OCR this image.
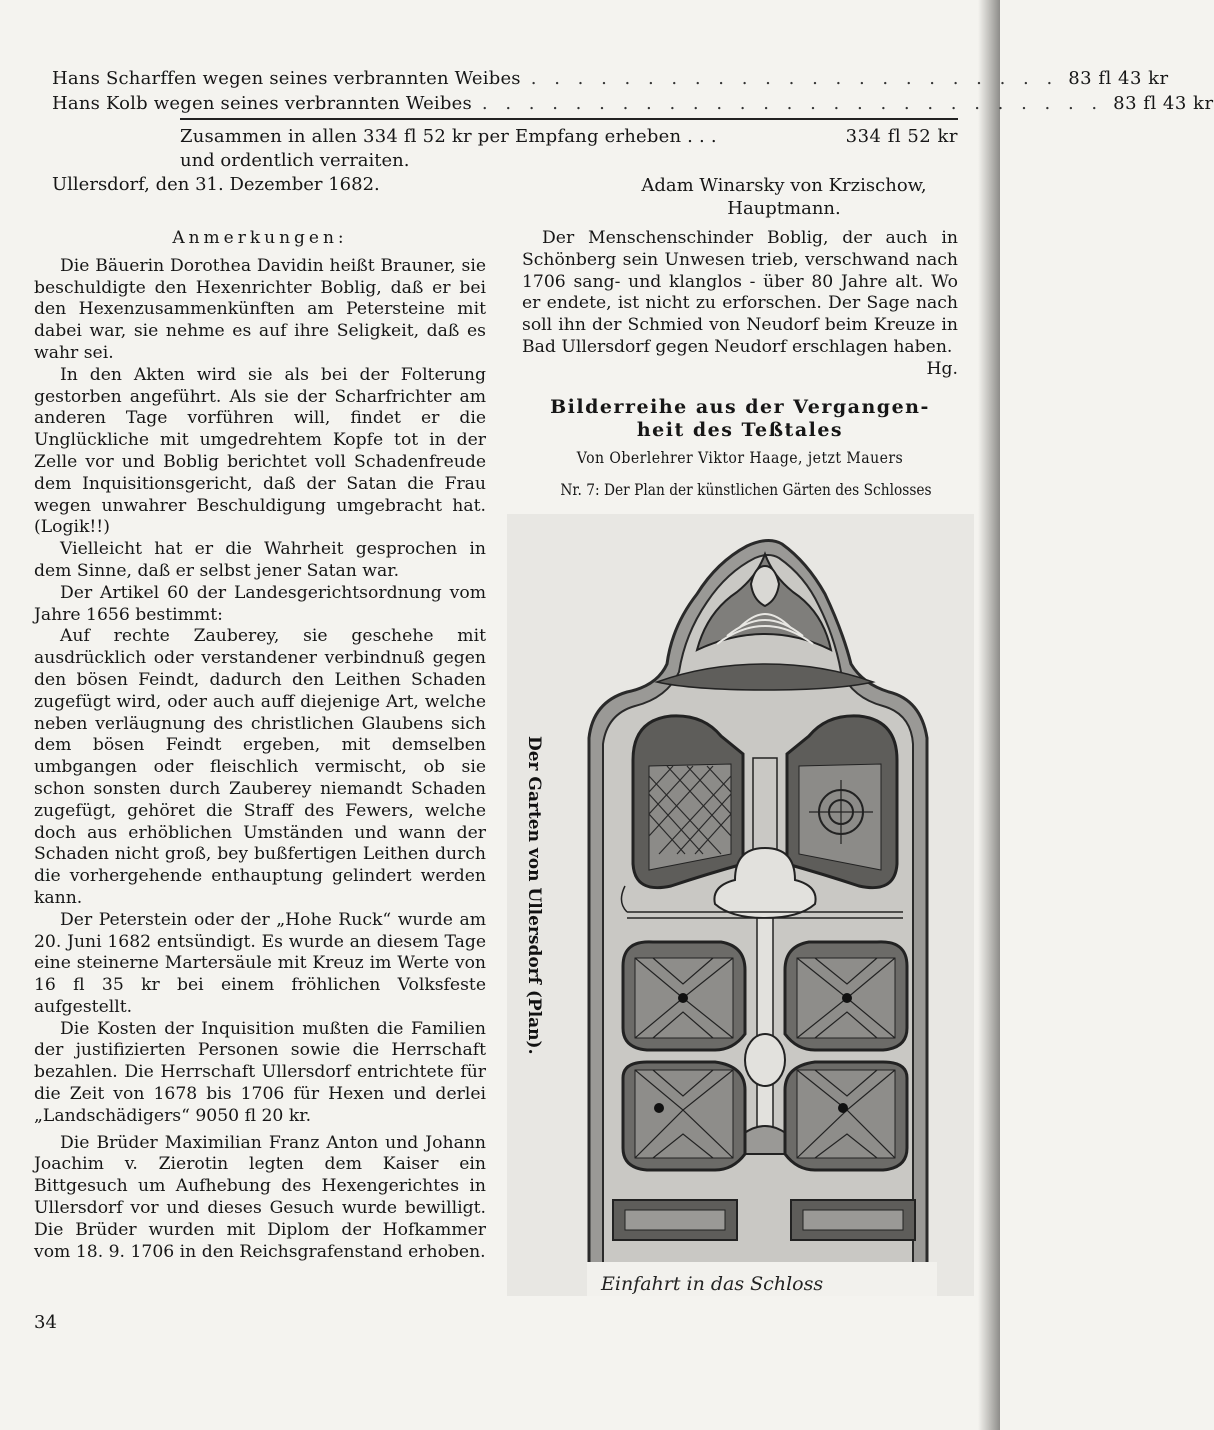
Hans Scharffen wegen seines verbrannten Weibes . . . . . . . . . . . . . . . . . . . . . . . 83 fl 43 kr
Hans Kolb wegen seines verbrannten Weibes . . . . . . . . . . . . . . . . . . . . . . . . . . . 83 fl 43 kr
Zusammen in allen 334 fl 52 kr per Empfang erheben . . .	334 fl 52 kr
und ordentlich verraiten.
Ullersdorf, den 31. Dezember 1682.	Adam Winarsky von Krzischow,
Hauptmann.
Anmerkungen:

Die Bäuerin Dorothea Davidin heißt Brauner, sie beschuldigte den Hexenrichter Boblig, daß er bei den Hexenzusammenkünften am Petersteine mit dabei war, sie nehme es auf ihre Seligkeit, daß es wahr sei.

In den Akten wird sie als bei der Folterung gestorben angeführt. Als sie der Scharfrichter am anderen Tage vorführen will, findet er die Unglückliche mit umgedrehtem Kopfe tot in der Zelle vor und Boblig berichtet voll Schadenfreude dem Inquisitionsgericht, daß der Satan die Frau wegen unwahrer Beschuldigung umgebracht hat. (Logik!!)

Vielleicht hat er die Wahrheit gesprochen in dem Sinne, daß er selbst jener Satan war.

Der Artikel 60 der Landesgerichtsordnung vom Jahre 1656 bestimmt:

Auf rechte Zauberey, sie geschehe mit ausdrücklich oder verstandener verbindnuß gegen den bösen Feindt, dadurch den Leithen Schaden zugefügt wird, oder auch auff diejenige Art, welche neben verläugnung des christlichen Glaubens sich dem bösen Feindt ergeben, mit demselben umbgangen oder fleischlich vermischt, ob sie schon sonsten durch Zauberey niemandt Schaden zugefügt, gehöret die Straff des Fewers, welche doch aus erhöblichen Umständen und wann der Schaden nicht groß, bey bußfertigen Leithen durch die vorhergehende enthauptung gelindert werden kann.

Der Peterstein oder der „Hohe Ruck“ wurde am 20. Juni 1682 entsündigt. Es wurde an diesem Tage eine steinerne Martersäule mit Kreuz im Werte von 16 fl 35 kr bei einem fröhlichen Volksfeste aufgestellt.

Die Kosten der Inquisition mußten die Familien der justifizierten Personen sowie die Herrschaft bezahlen. Die Herrschaft Ullersdorf entrichtete für die Zeit von 1678 bis 1706 für Hexen und derlei „Landschädigers“ 9050 fl 20 kr.

Die Brüder Maximilian Franz Anton und Johann Joachim v. Zierotin legten dem Kaiser ein Bittgesuch um Aufhebung des Hexengerichtes in Ullersdorf vor und dieses Gesuch wurde bewilligt. Die Brüder wurden mit Diplom der Hofkammer vom 18. 9. 1706 in den Reichsgrafenstand erhoben.

Der Menschenschinder Boblig, der auch in Schönberg sein Unwesen trieb, verschwand nach 1706 sang- und klanglos - über 80 Jahre alt. Wo er endete, ist nicht zu erforschen. Der Sage nach soll ihn der Schmied von Neudorf beim Kreuze in Bad Ullersdorf gegen Neudorf erschlagen haben.
Hg.

Bilderreihe aus der Vergangen-
heit des Teßtales
Von Oberlehrer Viktor Haage, jetzt Mauers
Nr. 7: Der Plan der künstlichen Gärten des Schlosses
Der Garten von Ullersdorf (Plan).
Einfahrt in das Schloss
34
